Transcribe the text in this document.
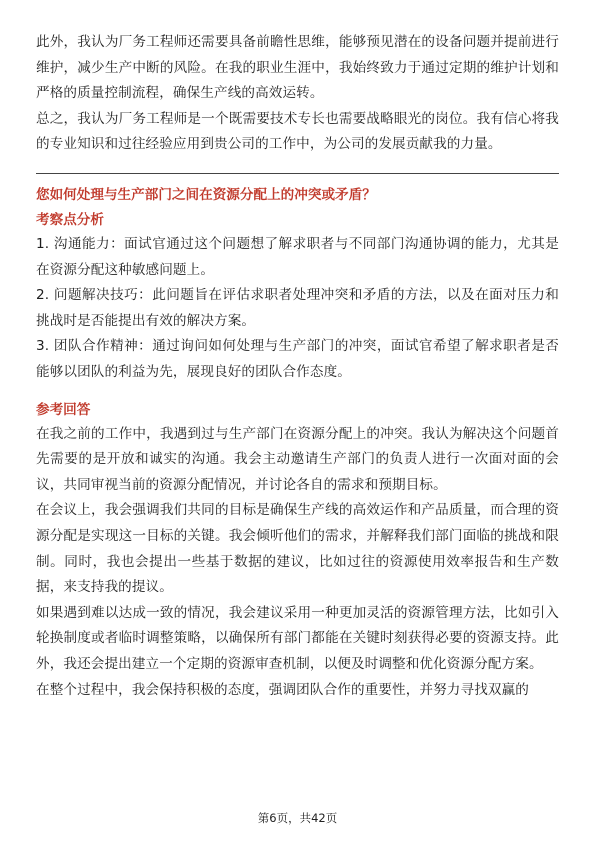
此外，我认为厂务工程师还需要具备前瞻性思维，能够预见潜在的设备问题并提前进行维护，减少生产中断的风险。在我的职业生涯中，我始终致力于通过定期的维护计划和严格的质量控制流程，确保生产线的高效运转。

总之，我认为厂务工程师是一个既需要技术专长也需要战略眼光的岗位。我有信心将我的专业知识和过往经验应用到贵公司的工作中，为公司的发展贡献我的力量。

您如何处理与生产部门之间在资源分配上的冲突或矛盾？
考察点分析

1. 沟通能力：面试官通过这个问题想了解求职者与不同部门沟通协调的能力，尤其是在资源分配这种敏感问题上。

2. 问题解决技巧：此问题旨在评估求职者处理冲突和矛盾的方法，以及在面对压力和挑战时是否能提出有效的解决方案。

3. 团队合作精神：通过询问如何处理与生产部门的冲突，面试官希望了解求职者是否能够以团队的利益为先，展现良好的团队合作态度。

参考回答

在我之前的工作中，我遇到过与生产部门在资源分配上的冲突。我认为解决这个问题首先需要的是开放和诚实的沟通。我会主动邀请生产部门的负责人进行一次面对面的会议，共同审视当前的资源分配情况，并讨论各自的需求和预期目标。

在会议上，我会强调我们共同的目标是确保生产线的高效运作和产品质量，而合理的资源分配是实现这一目标的关键。我会倾听他们的需求，并解释我们部门面临的挑战和限制。同时，我也会提出一些基于数据的建议，比如过往的资源使用效率报告和生产数据，来支持我的提议。

如果遇到难以达成一致的情况，我会建议采用一种更加灵活的资源管理方法，比如引入轮换制度或者临时调整策略，以确保所有部门都能在关键时刻获得必要的资源支持。此外，我还会提出建立一个定期的资源审查机制，以便及时调整和优化资源分配方案。

在整个过程中，我会保持积极的态度，强调团队合作的重要性，并努力寻找双赢的

第6页，共42页
